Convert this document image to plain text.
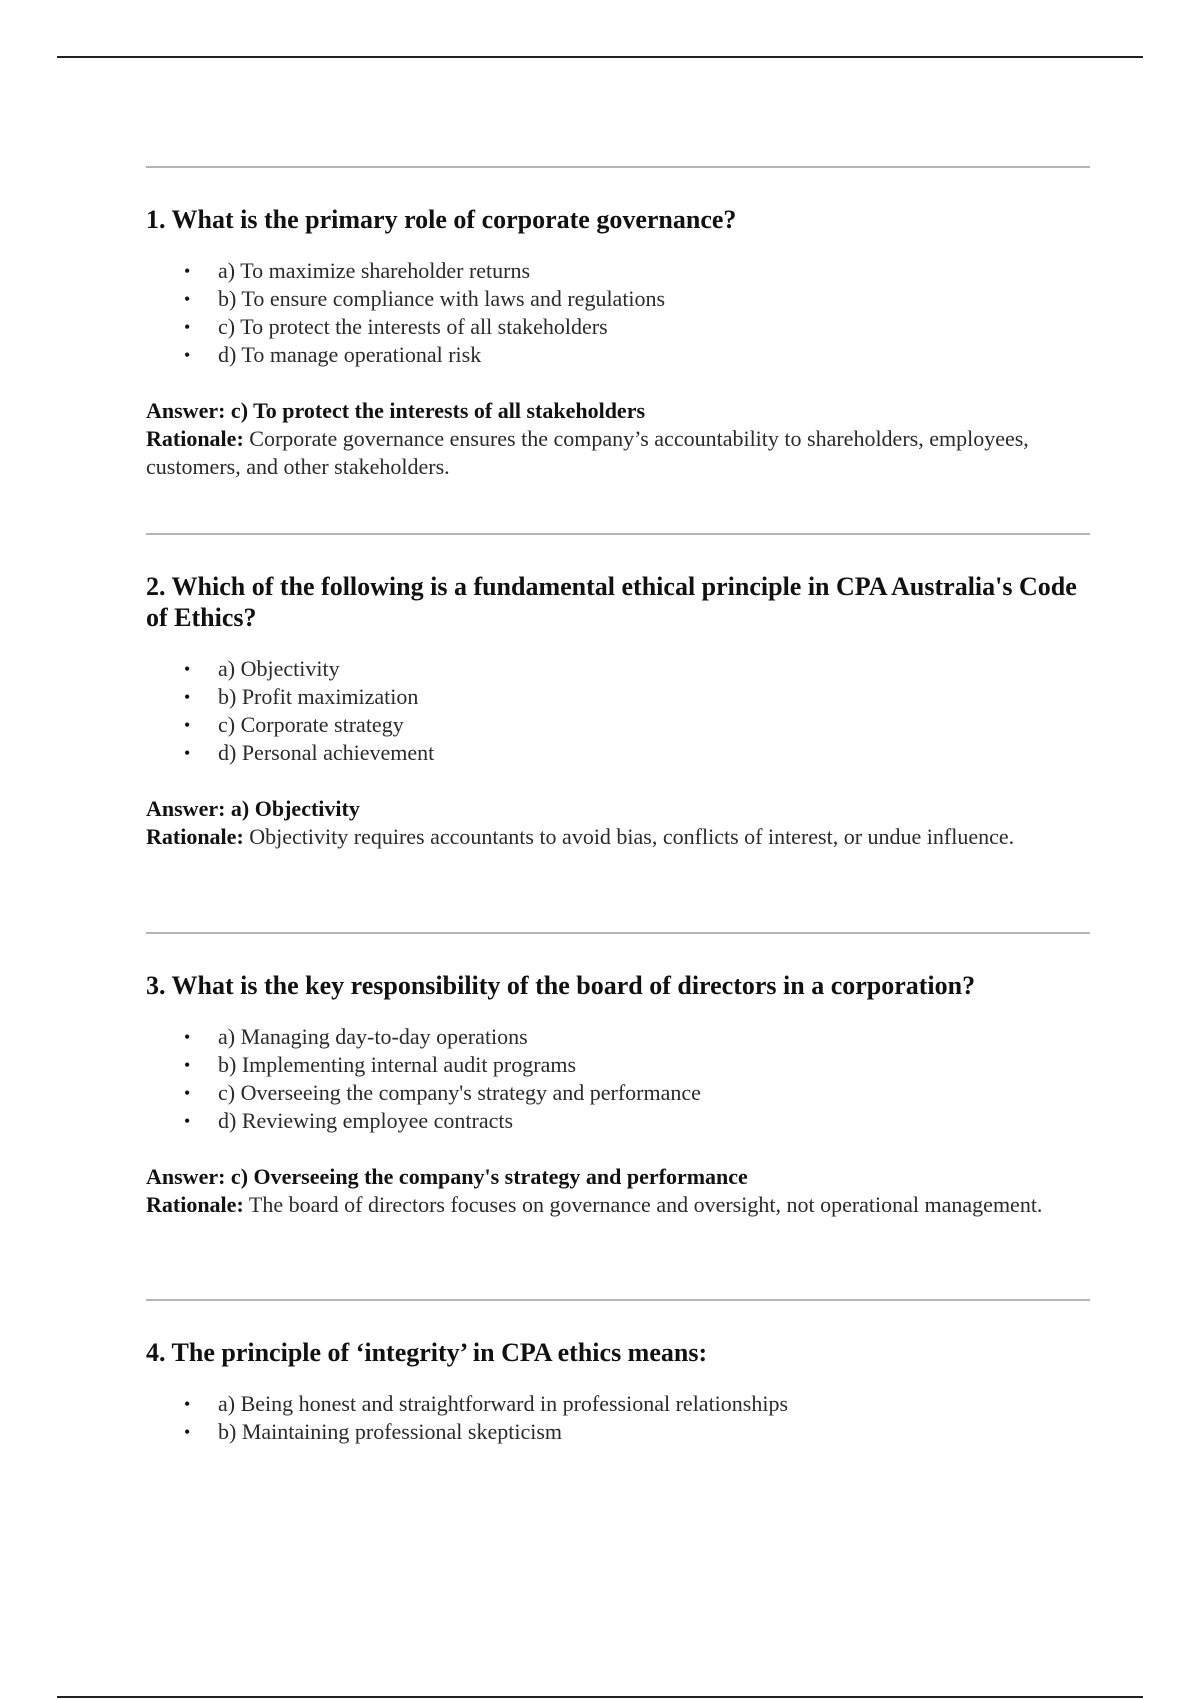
1. What is the primary role of corporate governance?
• a) To maximize shareholder returns
• b) To ensure compliance with laws and regulations
• c) To protect the interests of all stakeholders
• d) To manage operational risk
Answer: c) To protect the interests of all stakeholders
Rationale: Corporate governance ensures the company’s accountability to shareholders, employees, customers, and other stakeholders.
2. Which of the following is a fundamental ethical principle in CPA Australia's Code of Ethics?
• a) Objectivity
• b) Profit maximization
• c) Corporate strategy
• d) Personal achievement
Answer: a) Objectivity
Rationale: Objectivity requires accountants to avoid bias, conflicts of interest, or undue influence.
3. What is the key responsibility of the board of directors in a corporation?
• a) Managing day-to-day operations
• b) Implementing internal audit programs
• c) Overseeing the company's strategy and performance
• d) Reviewing employee contracts
Answer: c) Overseeing the company's strategy and performance
Rationale: The board of directors focuses on governance and oversight, not operational management.
4. The principle of ‘integrity’ in CPA ethics means:
• a) Being honest and straightforward in professional relationships
• b) Maintaining professional skepticism
